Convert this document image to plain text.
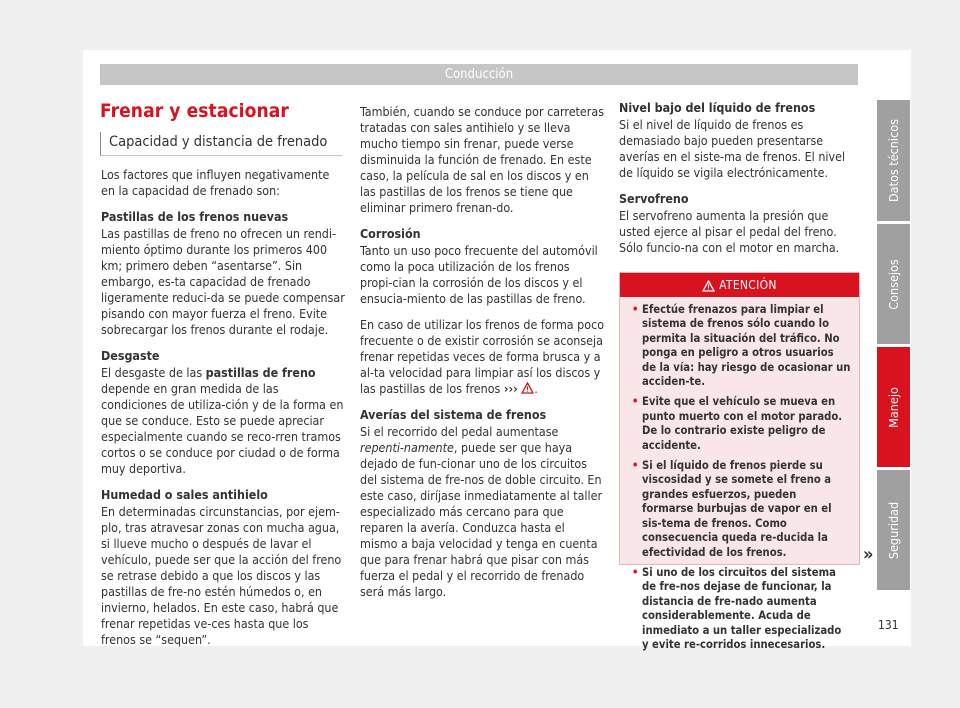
Conducción
Frenar y estacionar
Capacidad y distancia de frenado

Los factores que influyen negativamente en la capacidad de frenado son:

Pastillas de los frenos nuevas

Las pastillas de freno no ofrecen un rendi-miento óptimo durante los primeros 400 km; primero deben “asentarse”. Sin embargo, es-ta capacidad de frenado ligeramente reduci-da se puede compensar pisando con mayor fuerza el freno. Evite sobrecargar los frenos durante el rodaje.

Desgaste

El desgaste de las pastillas de freno depende en gran medida de las condiciones de utiliza-ción y de la forma en que se conduce. Esto se puede apreciar especialmente cuando se reco-rren tramos cortos o se conduce por ciudad o de forma muy deportiva.

Humedad o sales antihielo

En determinadas circunstancias, por ejem-plo, tras atravesar zonas con mucha agua, si llueve mucho o después de lavar el vehículo, puede ser que la acción del freno se retrase debido a que los discos y las pastillas de fre-no estén húmedos o, en invierno, helados. En este caso, habrá que frenar repetidas ve-ces hasta que los frenos se “sequen”.

También, cuando se conduce por carreteras tratadas con sales antihielo y se lleva mucho tiempo sin frenar, puede verse disminuida la función de frenado. En este caso, la película de sal en los discos y en las pastillas de los frenos se tiene que eliminar primero frenan-do.

Corrosión

Tanto un uso poco frecuente del automóvil como la poca utilización de los frenos propi-cian la corrosión de los discos y el ensucia-miento de las pastillas de freno.

En caso de utilizar los frenos de forma poco frecuente o de existir corrosión se aconseja frenar repetidas veces de forma brusca y a al-ta velocidad para limpiar así los discos y las pastillas de los frenos ››› .

Averías del sistema de frenos

Si el recorrido del pedal aumentase repenti-namente, puede ser que haya dejado de fun-cionar uno de los circuitos del sistema de fre-nos de doble circuito. En este caso, diríjase inmediatamente al taller especializado más cercano para que reparen la avería. Conduzca hasta el mismo a baja velocidad y tenga en cuenta que para frenar habrá que pisar con más fuerza el pedal y el recorrido de frenado será más largo.

Nivel bajo del líquido de frenos

Si el nivel de líquido de frenos es demasiado bajo pueden presentarse averías en el siste-ma de frenos. El nivel de líquido se vigila electrónicamente.

Servofreno

El servofreno aumenta la presión que usted ejerce al pisar el pedal del freno. Sólo funcio-na con el motor en marcha.

ATENCIÓN
• Efectúe frenazos para limpiar el sistema de frenos sólo cuando lo permita la situación del tráfico. No ponga en peligro a otros usuarios de la vía: hay riesgo de ocasionar un acciden-te.
• Evite que el vehículo se mueva en punto muerto con el motor parado. De lo contrario existe peligro de accidente.
• Si el líquido de frenos pierde su viscosidad y se somete el freno a grandes esfuerzos, pueden formarse burbujas de vapor en el sis-tema de frenos. Como consecuencia queda re-ducida la efectividad de los frenos.
• Si uno de los circuitos del sistema de fre-nos dejase de funcionar, la distancia de fre-nado aumenta considerablemente. Acuda de inmediato a un taller especializado y evite re-corridos innecesarios.
»
Datos técnicos
Consejos
Manejo
Seguridad
131
